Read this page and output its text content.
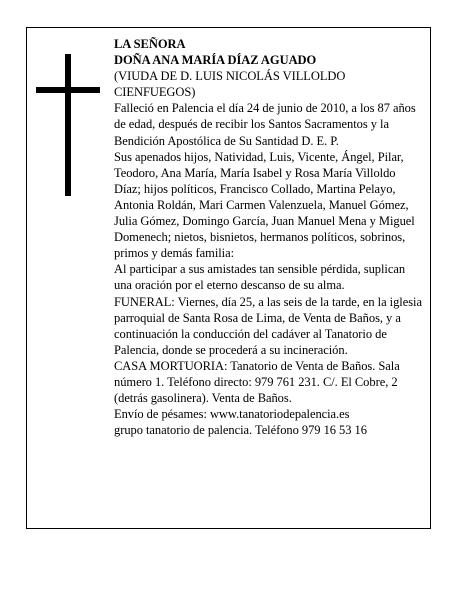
LA SEÑORA

DOÑA ANA MARÍA DÍAZ AGUADO

(VIUDA DE D. LUIS NICOLÁS VILLOLDO CIENFUEGOS)

Falleció en Palencia el día 24 de junio de 2010, a los 87 años de edad, después de recibir los Santos Sacramentos y la Bendición Apostólica de Su Santidad D. E. P.

Sus apenados hijos, Natividad, Luis, Vicente, Ángel, Pilar, Teodoro, Ana María, María Isabel y Rosa María Villoldo Díaz; hijos políticos, Francisco Collado, Martina Pelayo, Antonia Roldán, Mari Carmen Valenzuela, Manuel Gómez, Julia Gómez, Domingo García, Juan Manuel Mena y Miguel Domenech; nietos, bisnietos, hermanos políticos, sobrinos, primos y demás familia:

Al participar a sus amistades tan sensible pérdida, suplican una oración por el eterno descanso de su alma.

FUNERAL: Viernes, día 25, a las seis de la tarde, en la iglesia parroquial de Santa Rosa de Lima, de Venta de Baños, y a continuación la conducción del cadáver al Tanatorio de Palencia, donde se procederá a su incineración.

CASA MORTUORIA: Tanatorio de Venta de Baños. Sala número 1. Teléfono directo: 979 761 231. C/. El Cobre, 2 (detrás gasolinera). Venta de Baños.

Envío de pésames: www.tanatoriodepalencia.es

grupo tanatorio de palencia. Teléfono 979 16 53 16
